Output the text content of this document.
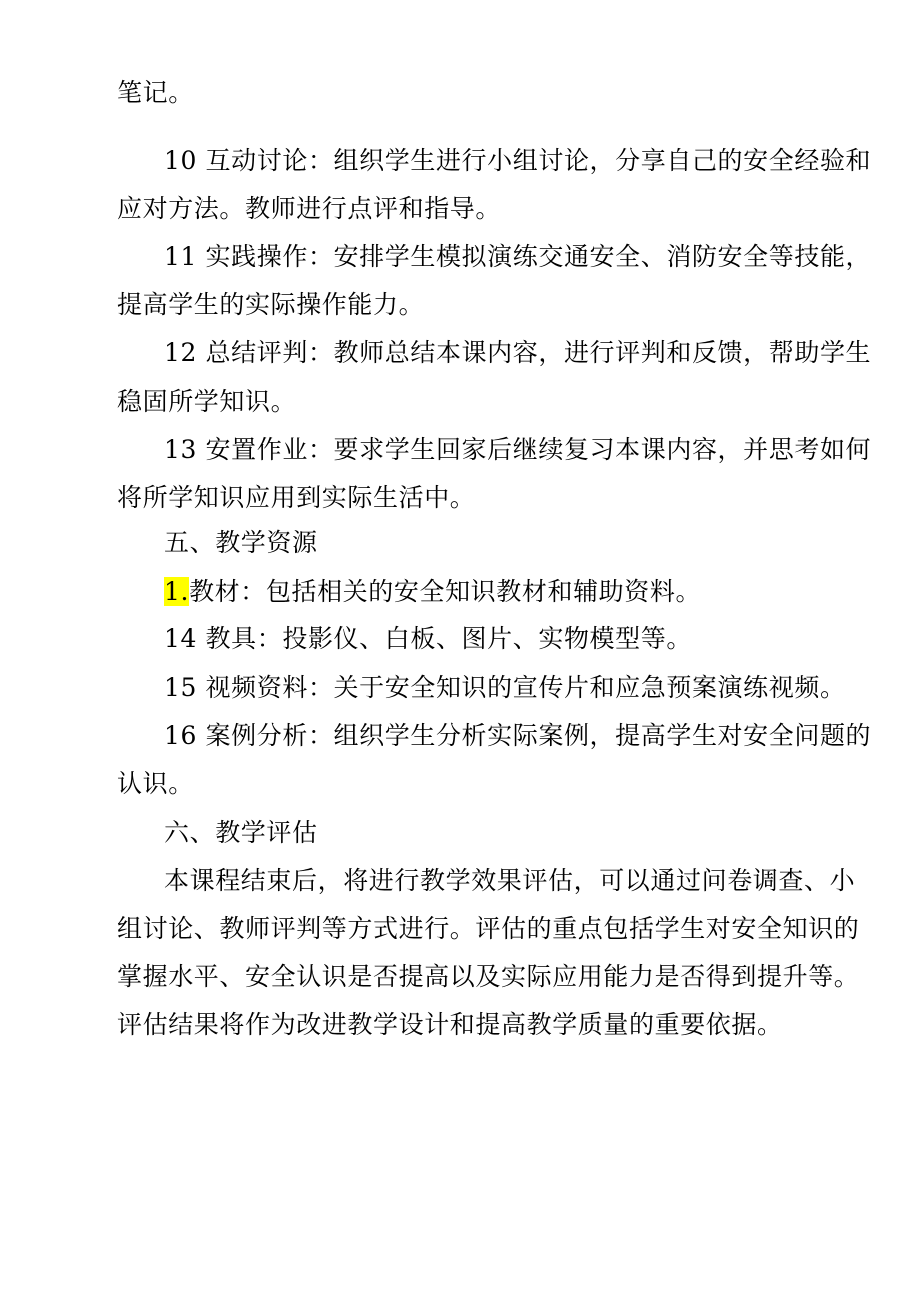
笔记。
10 互动讨论：组织学生进行小组讨论，分享自己的安全经验和
应对方法。教师进行点评和指导。
11 实践操作：安排学生模拟演练交通安全、消防安全等技能，
提高学生的实际操作能力。
12 总结评判：教师总结本课内容，进行评判和反馈，帮助学生
稳固所学知识。
13 安置作业：要求学生回家后继续复习本课内容，并思考如何
将所学知识应用到实际生活中。
五、教学资源
1.教材：包括相关的安全知识教材和辅助资料。
14 教具：投影仪、白板、图片、实物模型等。
15 视频资料：关于安全知识的宣传片和应急预案演练视频。
16 案例分析：组织学生分析实际案例，提高学生对安全问题的
认识。
六、教学评估
本课程结束后，将进行教学效果评估，可以通过问卷调查、小
组讨论、教师评判等方式进行。评估的重点包括学生对安全知识的
掌握水平、安全认识是否提高以及实际应用能力是否得到提升等。
评估结果将作为改进教学设计和提高教学质量的重要依据。
